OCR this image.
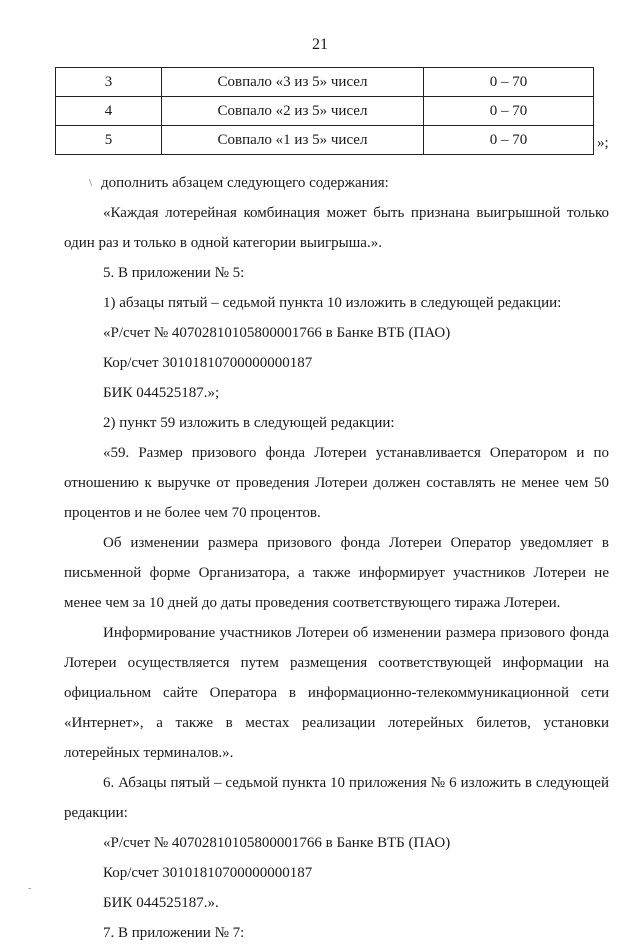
21
3	Совпало «3 из 5» чисел	0 – 70
4	Совпало «2 из 5» чисел	0 – 70
5	Совпало «1 из 5» чисел	0 – 70	»;
\ дополнить абзацем следующего содержания:

«Каждая лотерейная комбинация может быть признана выигрышной только один раз и только в одной категории выигрыша.».

5. В приложении № 5:

1) абзацы пятый – седьмой пункта 10 изложить в следующей редакции:

«Р/счет № 40702810105800001766 в Банке ВТБ (ПАО)

Кор/счет 30101810700000000187

БИК 044525187.»;

2) пункт 59 изложить в следующей редакции:

«59. Размер призового фонда Лотереи устанавливается Оператором и по отношению к выручке от проведения Лотереи должен составлять не менее чем 50 процентов и не более чем 70 процентов.

Об изменении размера призового фонда Лотереи Оператор уведомляет в письменной форме Организатора, а также информирует участников Лотереи не менее чем за 10 дней до даты проведения соответствующего тиража Лотереи.

Информирование участников Лотереи об изменении размера призового фонда Лотереи осуществляется путем размещения соответствующей информации на официальном сайте Оператора в информационно-телекоммуникационной сети «Интернет», а также в местах реализации лотерейных билетов, установки лотерейных терминалов.».

6. Абзацы пятый – седьмой пункта 10 приложения № 6 изложить в следующей редакции:

«Р/счет № 40702810105800001766 в Банке ВТБ (ПАО)

Кор/счет 30101810700000000187

БИК 044525187.».

7. В приложении № 7:

-
